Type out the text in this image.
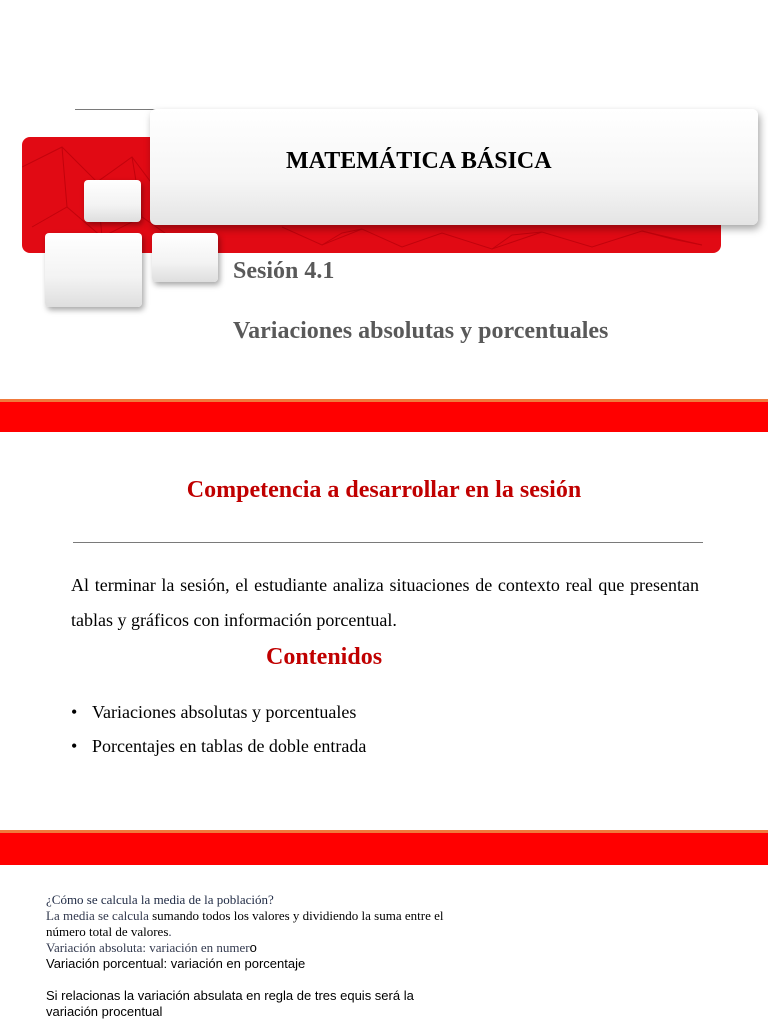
MATEMÁTICA BÁSICA
Sesión 4.1
Variaciones absolutas y porcentuales
Competencia a desarrollar en la sesión
Al terminar la sesión, el estudiante analiza situaciones de contexto real que presentan tablas y gráficos con información porcentual.
Contenidos
• Variaciones absolutas y porcentuales
• Porcentajes en tablas de doble entrada
¿Cómo se calcula la media de la población?
La media se calcula sumando todos los valores y dividiendo la suma entre el número total de valores.
Variación absoluta: variación en numero
Variación porcentual: variación en porcentaje
Si relacionas la variación absulata en regla de tres equis será la variación procentual
